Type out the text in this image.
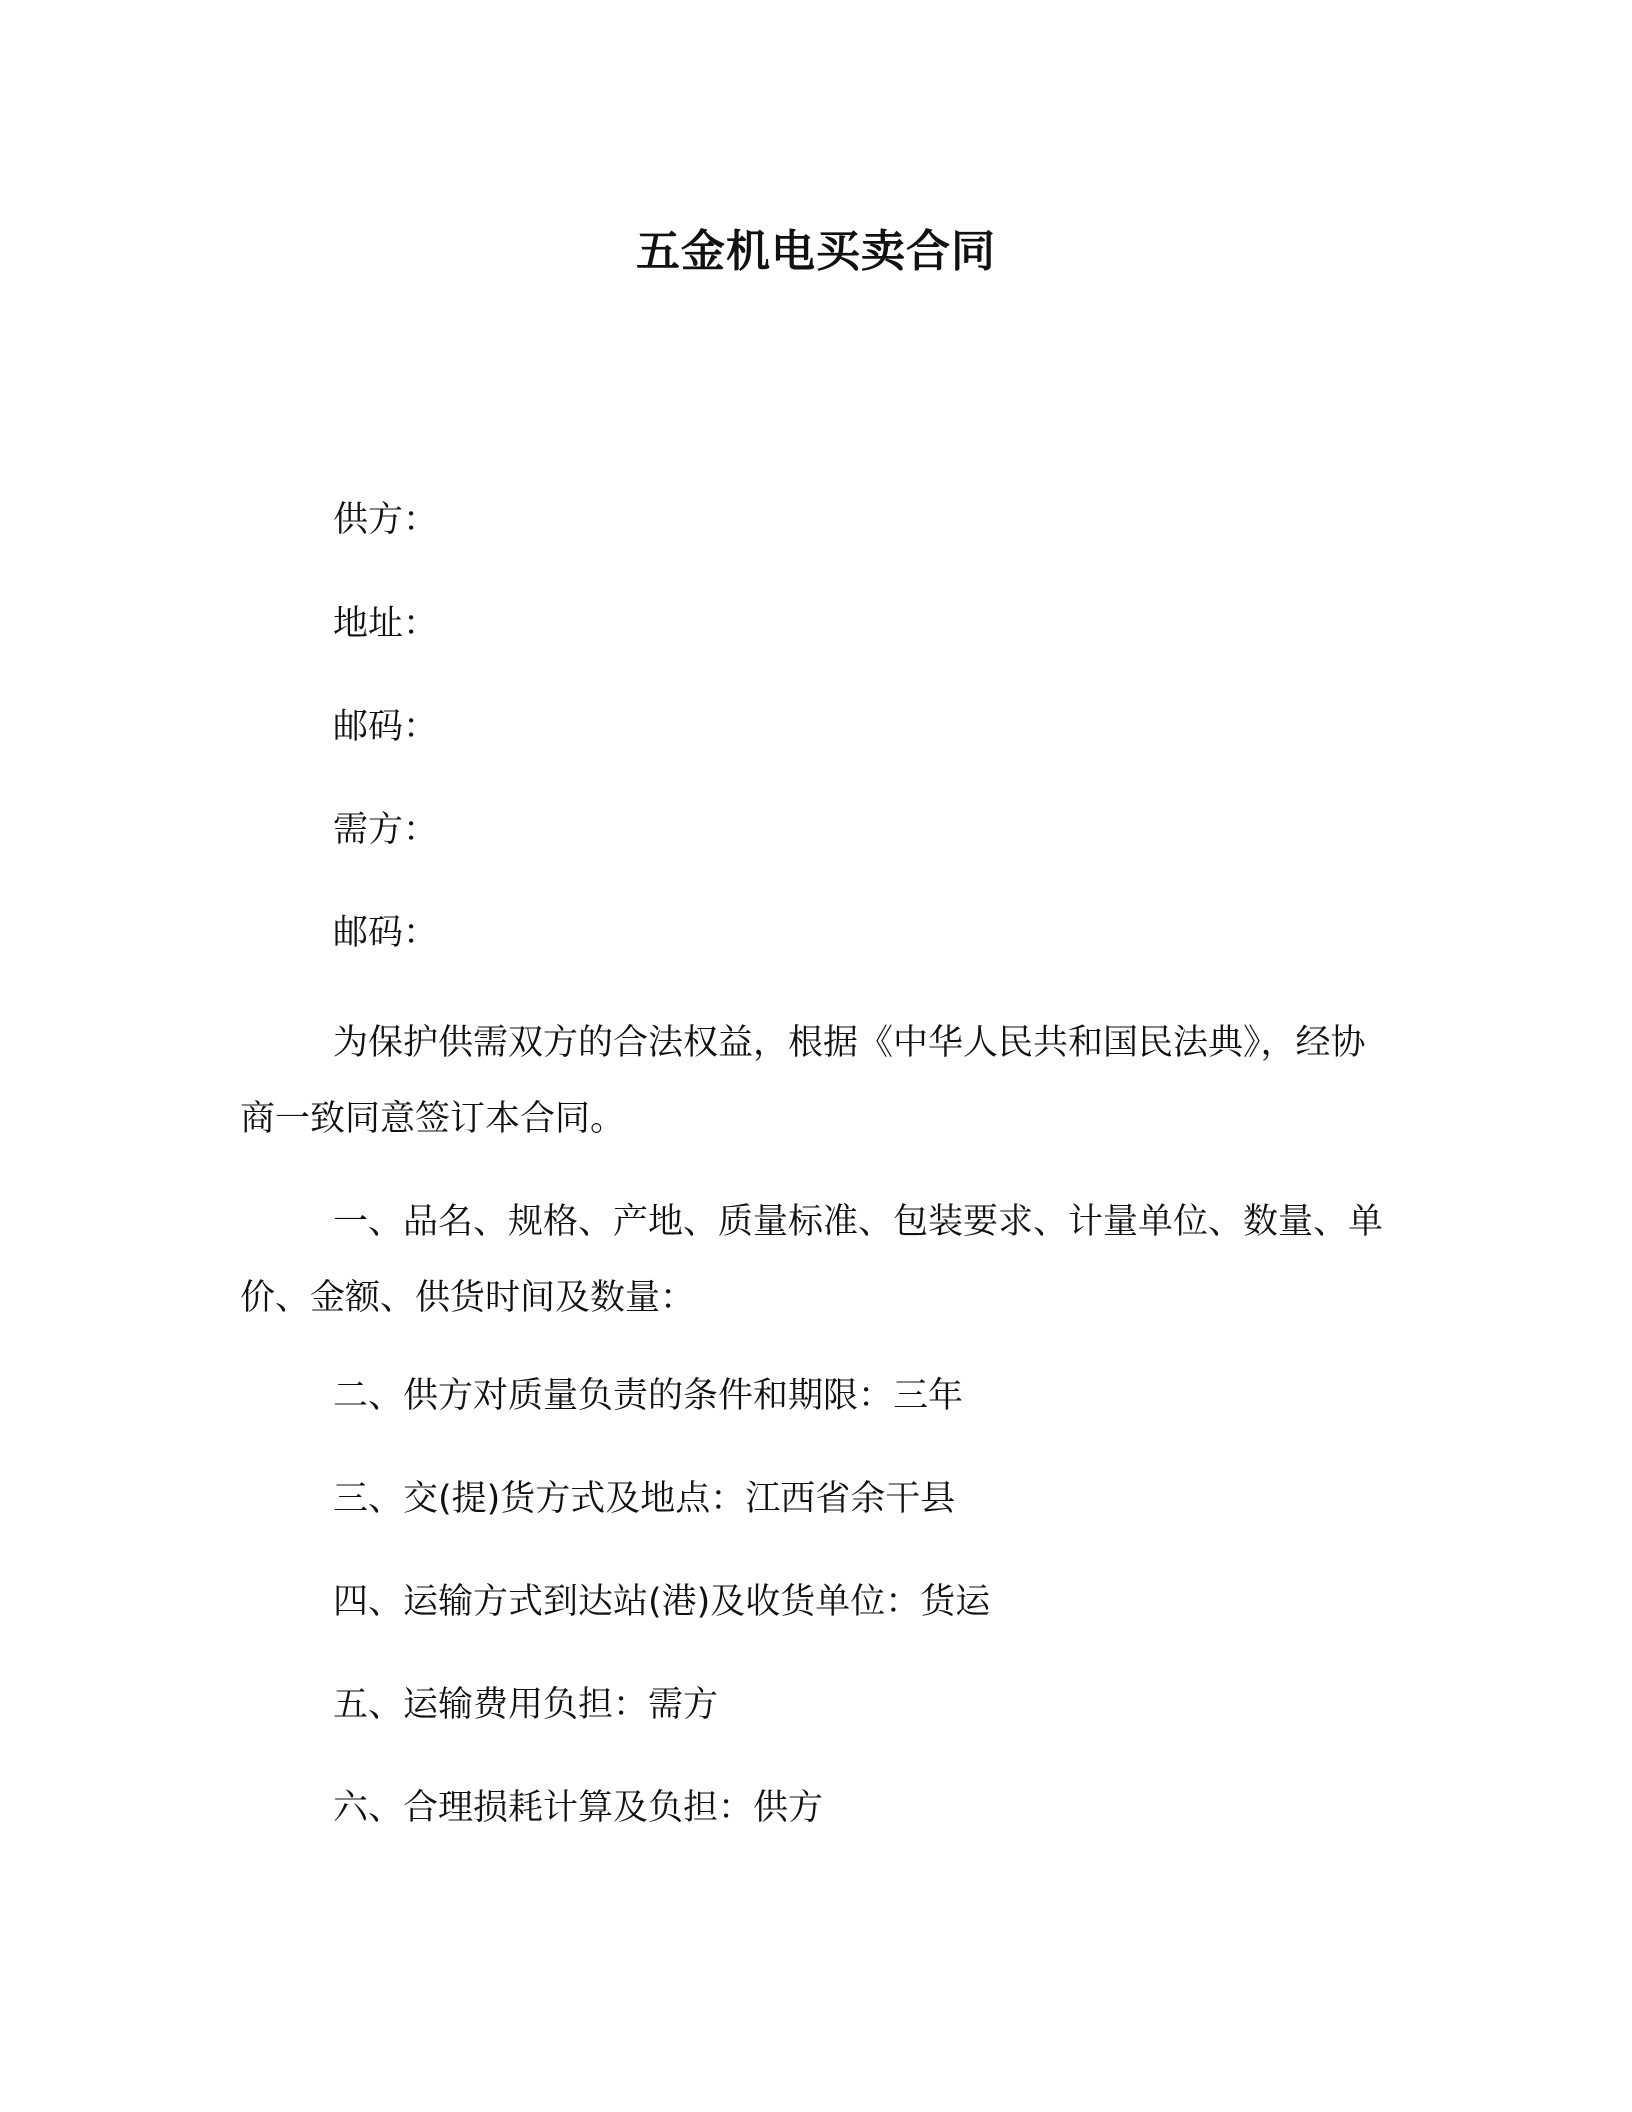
五金机电买卖合同
供方：
地址：
邮码：
需方：
邮码：

为保护供需双方的合法权益，根据《中华人民共和国民法典》，经协商一致同意签订本合同。

一、品名、规格、产地、质量标准、包装要求、计量单位、数量、单价、金额、供货时间及数量：

二、供方对质量负责的条件和期限：三年
三、交(提)货方式及地点：江西省余干县
四、运输方式到达站(港)及收货单位：货运
五、运输费用负担：需方
六、合理损耗计算及负担：供方
